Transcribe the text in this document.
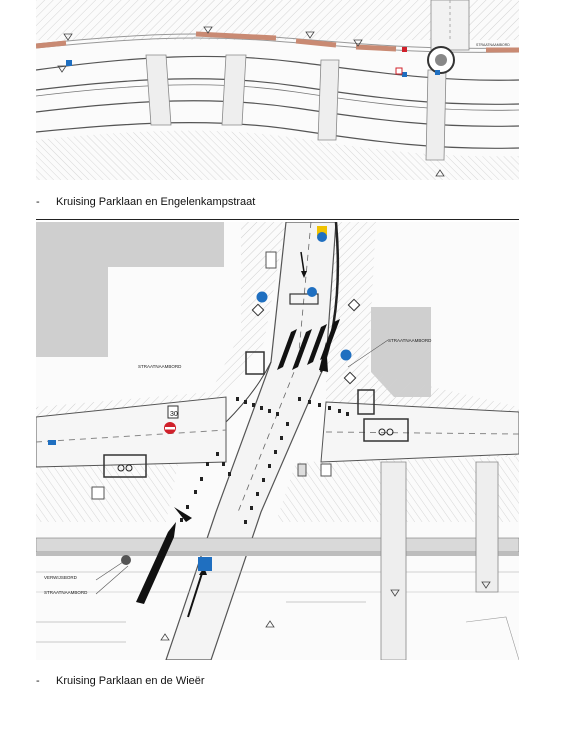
STRAATNAAMBORD
- Kruising Parklaan en Engelenkampstraat
30
STRAATNAAMBORD
STRAATNAAMBORD
VERWIJSBORD
STRAATNAAMBORD
- Kruising Parklaan en de Wieër
